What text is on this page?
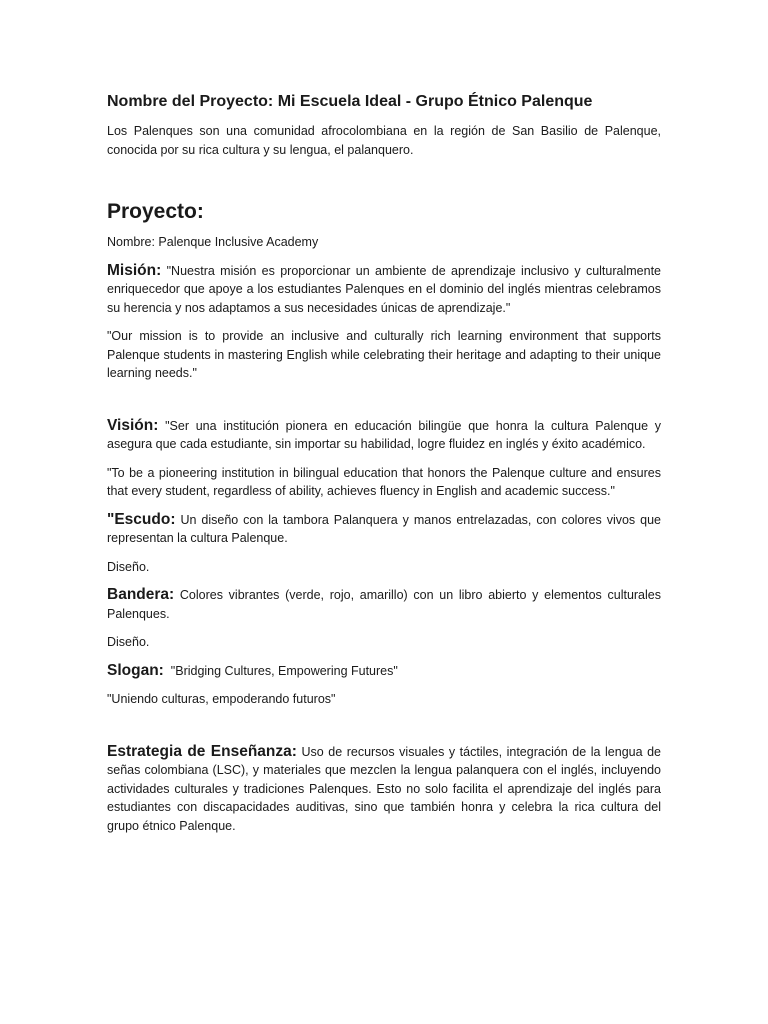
Nombre del Proyecto: Mi Escuela Ideal - Grupo Étnico Palenque

Los Palenques son una comunidad afrocolombiana en la región de San Basilio de Palenque, conocida por su rica cultura y su lengua, el palanquero.

Proyecto:

Nombre: Palenque Inclusive Academy

Misión: "Nuestra misión es proporcionar un ambiente de aprendizaje inclusivo y culturalmente enriquecedor que apoye a los estudiantes Palenques en el dominio del inglés mientras celebramos su herencia y nos adaptamos a sus necesidades únicas de aprendizaje."

"Our mission is to provide an inclusive and culturally rich learning environment that supports Palenque students in mastering English while celebrating their heritage and adapting to their unique learning needs."

Visión: "Ser una institución pionera en educación bilingüe que honra la cultura Palenque y asegura que cada estudiante, sin importar su habilidad, logre fluidez en inglés y éxito académico.

"To be a pioneering institution in bilingual education that honors the Palenque culture and ensures that every student, regardless of ability, achieves fluency in English and academic success."

"Escudo: Un diseño con la tambora Palanquera y manos entrelazadas, con colores vivos que representan la cultura Palenque.

Diseño.

Bandera: Colores vibrantes (verde, rojo, amarillo) con un libro abierto y elementos culturales Palenques.

Diseño.

Slogan:  "Bridging Cultures, Empowering Futures"

"Uniendo culturas, empoderando futuros"

Estrategia de Enseñanza: Uso de recursos visuales y táctiles, integración de la lengua de señas colombiana (LSC), y materiales que mezclen la lengua palanquera con el inglés, incluyendo actividades culturales y tradiciones Palenques. Esto no solo facilita el aprendizaje del inglés para estudiantes con discapacidades auditivas, sino que también honra y celebra la rica cultura del grupo étnico Palenque.
